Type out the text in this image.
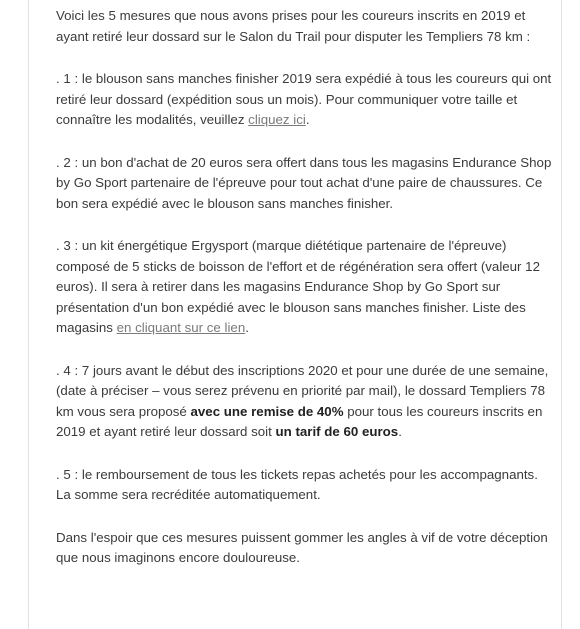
Voici les 5 mesures que nous avons prises pour les coureurs inscrits en 2019 et ayant retiré leur dossard sur le Salon du Trail pour disputer les Templiers 78 km :

. 1 : le blouson sans manches finisher 2019 sera expédié à tous les coureurs qui ont retiré leur dossard (expédition sous un mois). Pour communiquer votre taille et connaître les modalités, veuillez cliquez ici.

. 2 : un bon d'achat de 20 euros sera offert dans tous les magasins Endurance Shop by Go Sport partenaire de l'épreuve pour tout achat d'une paire de chaussures. Ce bon sera expédié avec le blouson sans manches finisher.

. 3 : un kit énergétique Ergysport (marque diététique partenaire de l'épreuve) composé de 5 sticks de boisson de l'effort et de régénération sera offert (valeur 12 euros). Il sera à retirer dans les magasins Endurance Shop by Go Sport sur présentation d'un bon expédié avec le blouson sans manches finisher. Liste des magasins en cliquant sur ce lien.

. 4 : 7 jours avant le début des inscriptions 2020 et pour une durée de une semaine, (date à préciser – vous serez prévenu en priorité par mail), le dossard Templiers 78 km vous sera proposé avec une remise de 40% pour tous les coureurs inscrits en 2019 et ayant retiré leur dossard soit un tarif de 60 euros.

. 5 : le remboursement de tous les tickets repas achetés pour les accompagnants. La somme sera recréditée automatiquement.

Dans l'espoir que ces mesures puissent gommer les angles à vif de votre déception que nous imaginons encore douloureuse.
